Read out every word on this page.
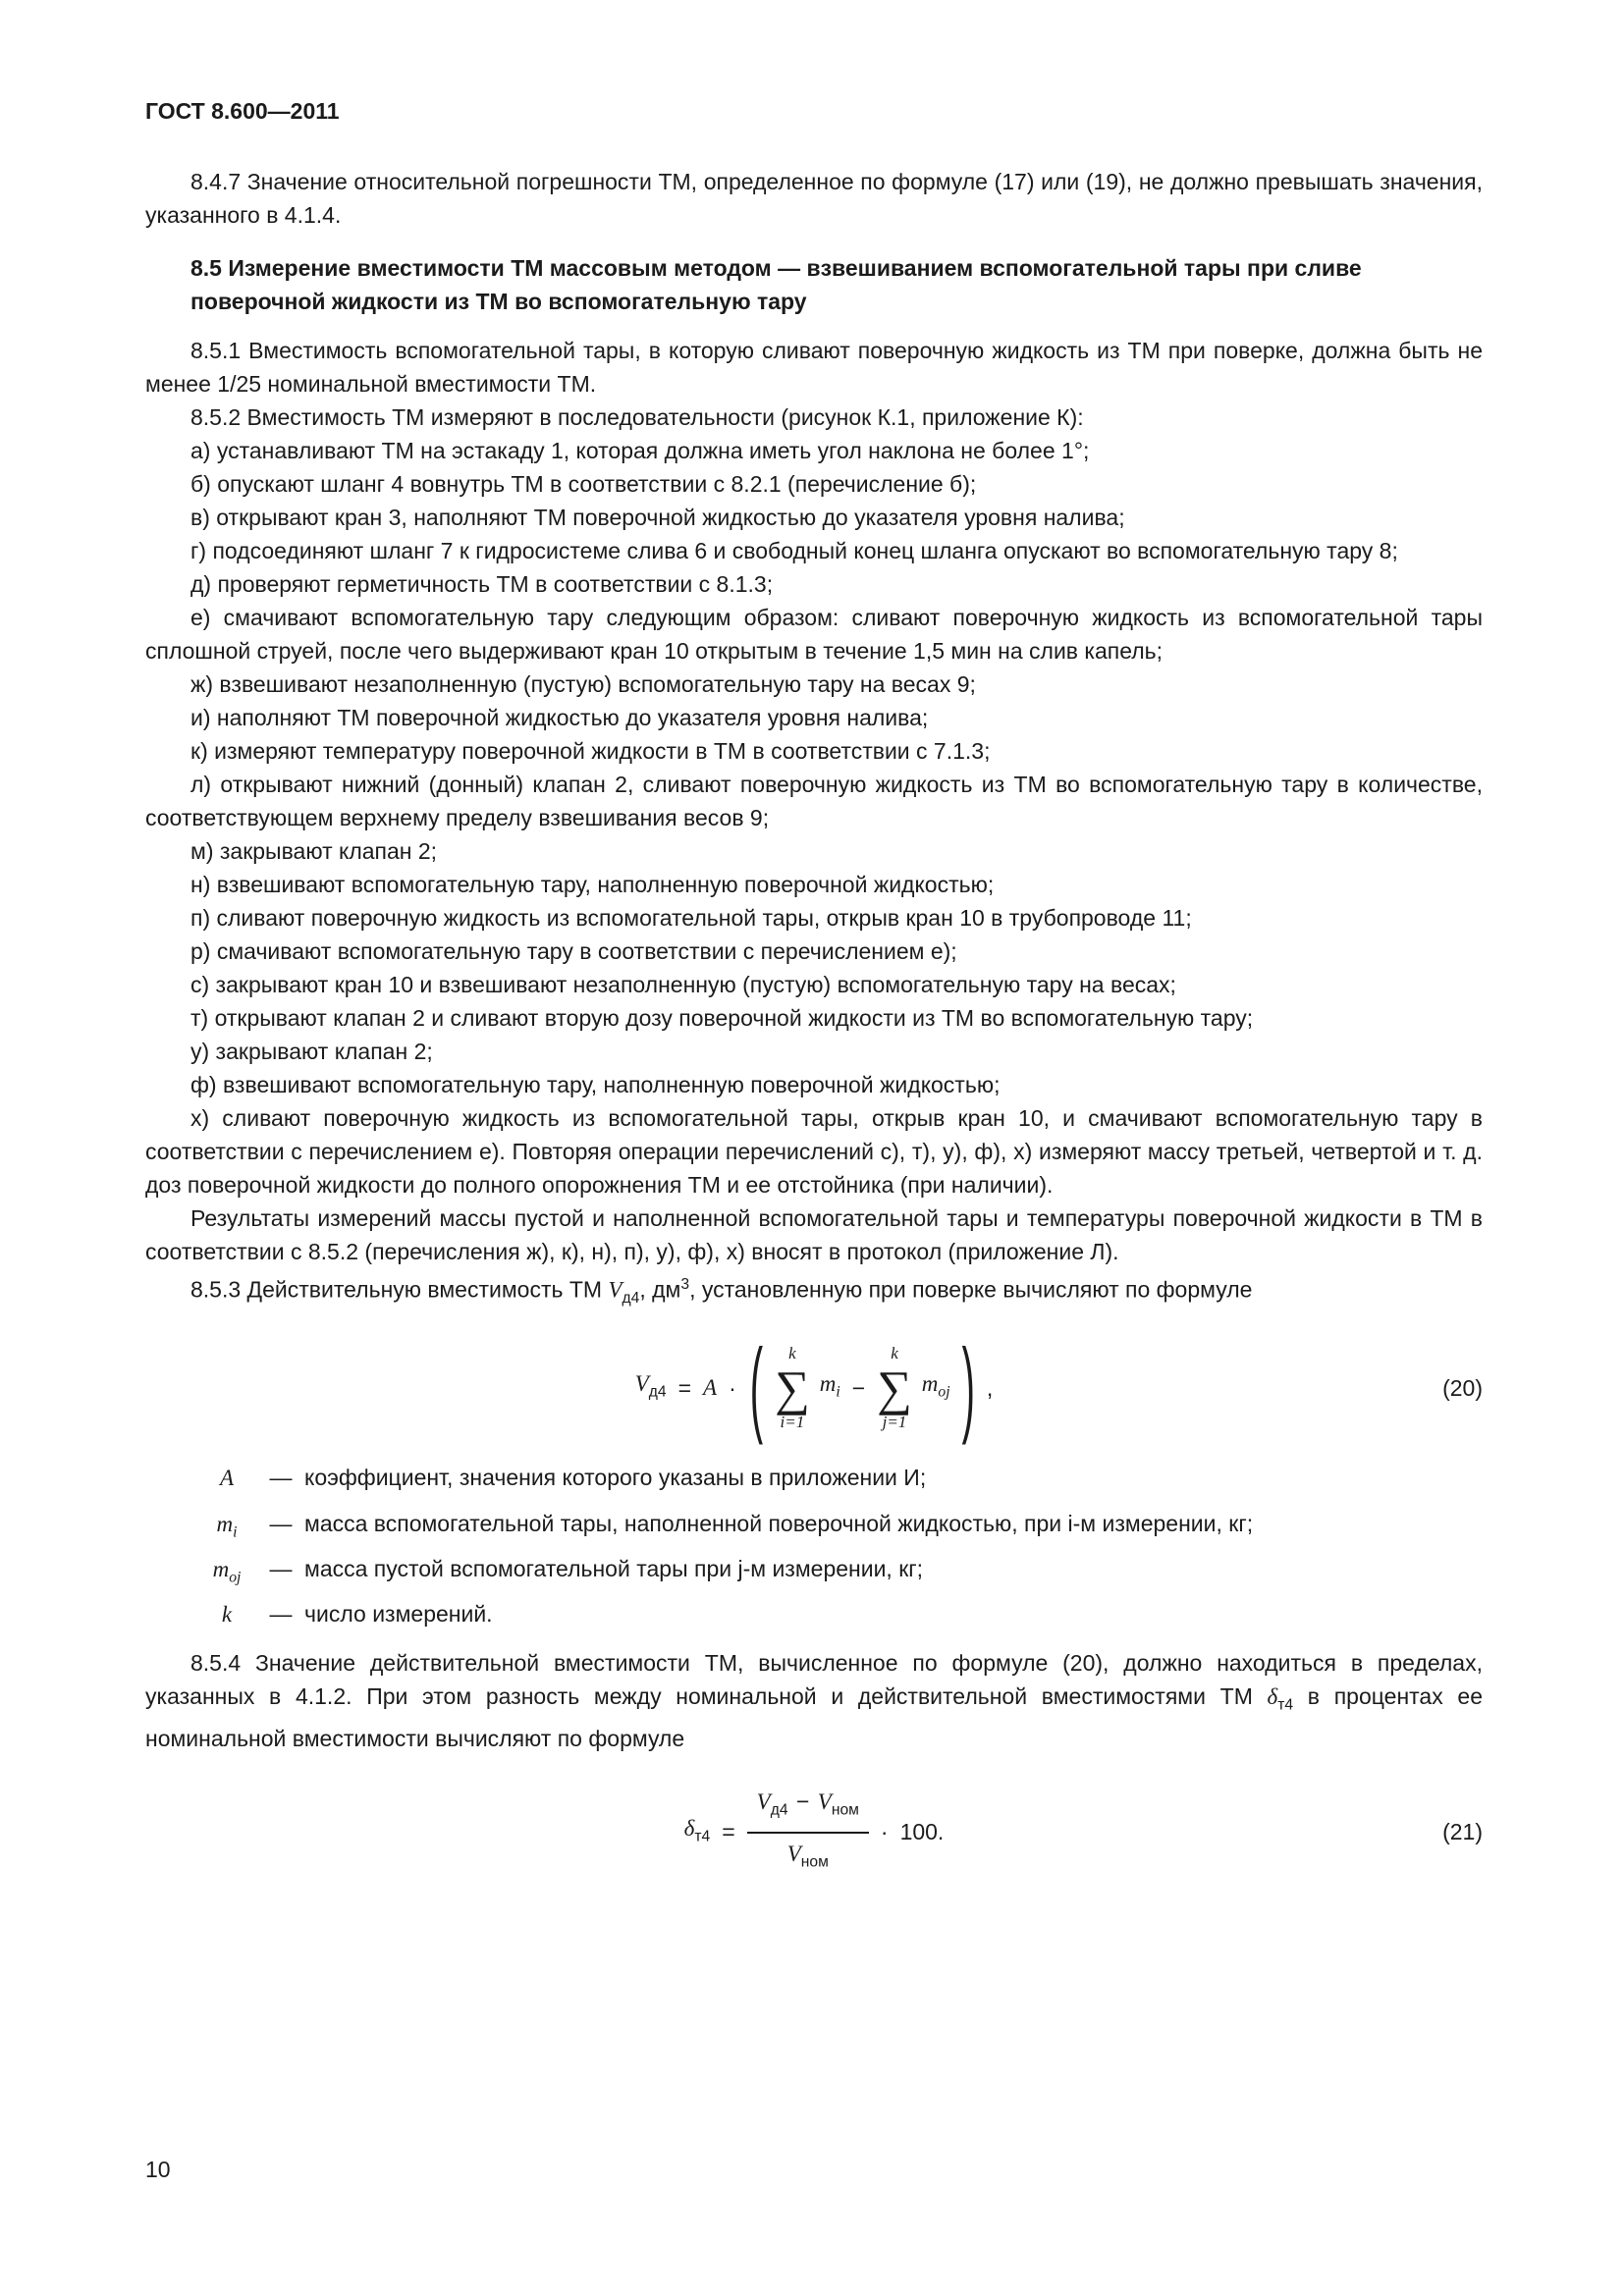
ГОСТ 8.600—2011

8.4.7 Значение относительной погрешности ТМ, определенное по формуле (17) или (19), не должно превышать значения, указанного в 4.1.4.

8.5 Измерение вместимости ТМ массовым методом — взвешиванием вспомогательной тары при сливе поверочной жидкости из ТМ во вспомогательную тару

8.5.1 Вместимость вспомогательной тары, в которую сливают поверочную жидкость из ТМ при поверке, должна быть не менее 1/25 номинальной вместимости ТМ.

8.5.2 Вместимость ТМ измеряют в последовательности (рисунок К.1, приложение К):

а) устанавливают ТМ на эстакаду 1, которая должна иметь угол наклона не более 1°;

б) опускают шланг 4 вовнутрь ТМ в соответствии с 8.2.1 (перечисление б);

в) открывают кран 3, наполняют ТМ поверочной жидкостью до указателя уровня налива;

г) подсоединяют шланг 7 к гидросистеме слива 6 и свободный конец шланга опускают во вспомогательную тару 8;

д) проверяют герметичность ТМ в соответствии с 8.1.3;

е) смачивают вспомогательную тару следующим образом: сливают поверочную жидкость из вспомогательной тары сплошной струей, после чего выдерживают кран 10 открытым в течение 1,5 мин на слив капель;

ж) взвешивают незаполненную (пустую) вспомогательную тару на весах 9;

и) наполняют ТМ поверочной жидкостью до указателя уровня налива;

к) измеряют температуру поверочной жидкости в ТМ в соответствии с 7.1.3;

л) открывают нижний (донный) клапан 2, сливают поверочную жидкость из ТМ во вспомогательную тару в количестве, соответствующем верхнему пределу взвешивания весов 9;

м) закрывают клапан 2;

н) взвешивают вспомогательную тару, наполненную поверочной жидкостью;

п) сливают поверочную жидкость из вспомогательной тары, открыв кран 10 в трубопроводе 11;

р) смачивают вспомогательную тару в соответствии с перечислением е);

с) закрывают кран 10 и взвешивают незаполненную (пустую) вспомогательную тару на весах;

т) открывают клапан 2 и сливают вторую дозу поверочной жидкости из ТМ во вспомогательную тару;

у) закрывают клапан 2;

ф) взвешивают вспомогательную тару, наполненную поверочной жидкостью;

х) сливают поверочную жидкость из вспомогательной тары, открыв кран 10, и смачивают вспомогательную тару в соответствии с перечислением е). Повторяя операции перечислений с), т), у), ф), х) измеряют массу третьей, четвертой и т. д. доз поверочной жидкости до полного опорожнения ТМ и ее отстойника (при наличии).

Результаты измерений массы пустой и наполненной вспомогательной тары и температуры поверочной жидкости в ТМ в соответствии с 8.5.2 (перечисления ж), к), н), п), у), ф), х) вносят в протокол (приложение Л).

8.5.3 Действительную вместимость ТМ $V_{д4}$, $дм^3$, установленную при поверке вычисляют по формуле

$V_{д4} = A$ · ( k
∑
i=1
$m_i$ −
k
∑
j=1
$m_{oj}$ ) ,	(20)
A	— коэффициент, значения которого указаны в приложении И;
$m_i$	— масса вспомогательной тары, наполненной поверочной жидкостью, при i-м измерении, кг;
$m_{oj}$	— масса пустой вспомогательной тары при j-м измерении, кг;
k	— число измерений.

8.5.4 Значение действительной вместимости ТМ, вычисленное по формуле (20), должно находиться в пределах, указанных в 4.1.2. При этом разность между номинальной и действительной вместимостями ТМ $\delta_{т4}$ в процентах ее номинальной вместимости вычисляют по формуле

$\delta_{т4} = \frac{V_{д4} - V_{ном}}{V_{ном}} \cdot 100$.	(21)
10
